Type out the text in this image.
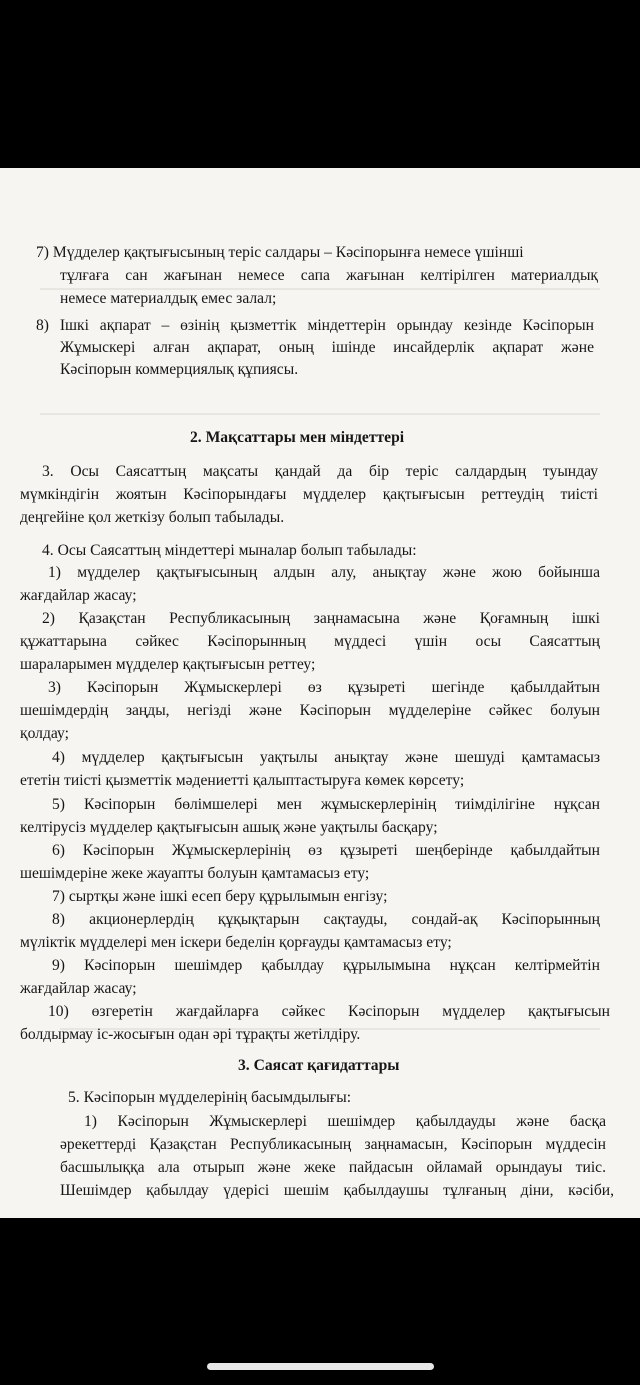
7) Мүдделер қақтығысының теріс салдары – Кәсіпорынға немесе үшінші
тұлғаға сан жағынан немесе сапа жағынан келтірілген материалдық
немесе материалдық емес залал;
8) Ішкі ақпарат – өзінің қызметтік міндеттерін орындау кезінде Кәсіпорын
Жұмыскері алған ақпарат, оның ішінде инсайдерлік ақпарат және
Кәсіпорын коммерциялық құпиясы.
2. Мақсаттары мен міндеттері
3. Осы Саясаттың мақсаты қандай да бір теріс салдардың туындау
мүмкіндігін жоятын Кәсіпорындағы мүдделер қақтығысын реттеудің тиісті
деңгейіне қол жеткізу болып табылады.
4. Осы Саясаттың міндеттері мыналар болып табылады:
1) мүдделер қақтығысының алдын алу, анықтау және жою бойынша
жағдайлар жасау;
2) Қазақстан Республикасының заңнамасына және Қоғамның ішкі
құжаттарына сәйкес Кәсіпорынның мүддесі үшін осы Саясаттың
шараларымен мүдделер қақтығысын реттеу;
3) Кәсіпорын Жұмыскерлері өз құзыреті шегінде қабылдайтын
шешімдердің заңды, негізді және Кәсіпорын мүдделеріне сәйкес болуын
қолдау;
4) мүдделер қақтығысын уақтылы анықтау және шешуді қамтамасыз
ететін тиісті қызметтік мәдениетті қалыптастыруға көмек көрсету;
5) Кәсіпорын бөлімшелері мен жұмыскерлерінің тиімділігіне нұқсан
келтірусіз мүдделер қақтығысын ашық және уақтылы басқару;
6) Кәсіпорын Жұмыскерлерінің өз құзыреті шеңберінде қабылдайтын
шешімдеріне жеке жауапты болуын қамтамасыз ету;
7) сыртқы және ішкі есеп беру құрылымын енгізу;
8) акционерлердің құқықтарын сақтауды, сондай-ақ Кәсіпорынның
мүліктік мүдделері мен іскери беделін қорғауды қамтамасыз ету;
9) Кәсіпорын шешімдер қабылдау құрылымына нұқсан келтірмейтін
жағдайлар жасау;
10) өзгеретін жағдайларға сәйкес Кәсіпорын мүдделер қақтығысын
болдырмау іс-жосығын одан әрі тұрақты жетілдіру.
3. Саясат қағидаттары
5. Кәсіпорын мүдделерінің басымдылығы:
1) Кәсіпорын Жұмыскерлері шешімдер қабылдауды және басқа
әрекеттерді Қазақстан Республикасының заңнамасын, Кәсіпорын мүддесін
басшылыққа ала отырып және жеке пайдасын ойламай орындауы тиіс.
Шешімдер қабылдау үдерісі шешім қабылдаушы тұлғаның діни, кәсіби,
